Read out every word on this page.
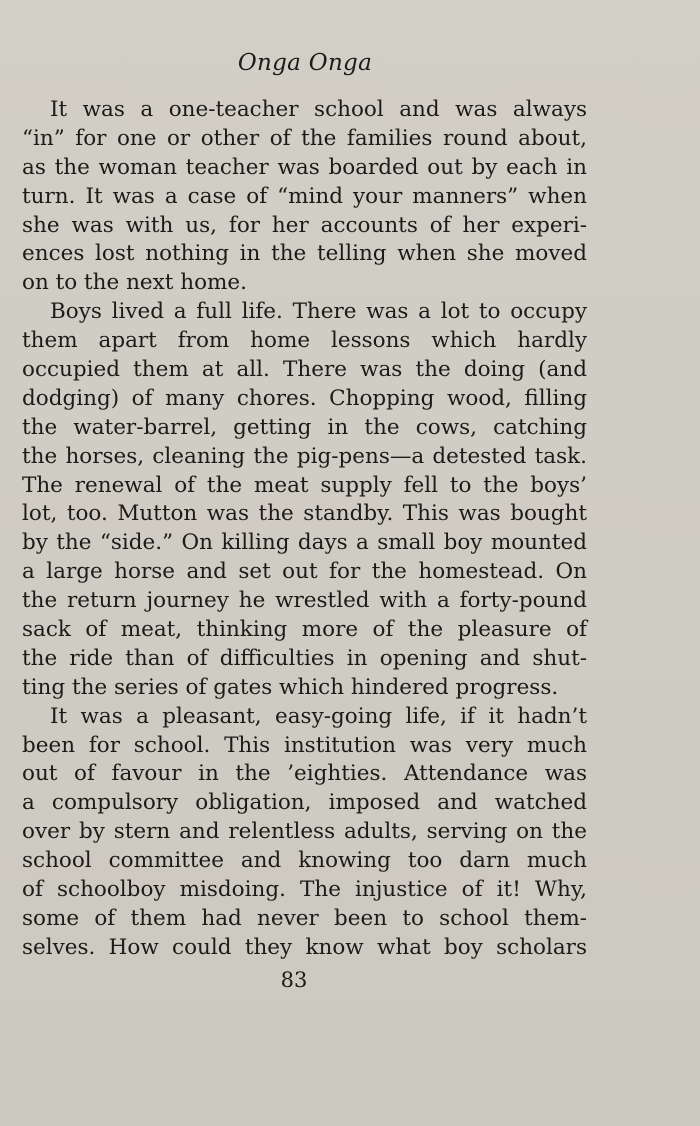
Onga Onga
It was a one-teacher school and was always
“in” for one or other of the families round about,
as the woman teacher was boarded out by each in
turn. It was a case of “mind your manners” when
she was with us, for her accounts of her experi-
ences lost nothing in the telling when she moved
on to the next home.
Boys lived a full life. There was a lot to occupy
them apart from home lessons which hardly
occupied them at all. There was the doing (and
dodging) of many chores. Chopping wood, filling
the water-barrel, getting in the cows, catching
the horses, cleaning the pig-pens—a detested task.
The renewal of the meat supply fell to the boys’
lot, too. Mutton was the standby. This was bought
by the “side.” On killing days a small boy mounted
a large horse and set out for the homestead. On
the return journey he wrestled with a forty-pound
sack of meat, thinking more of the pleasure of
the ride than of difficulties in opening and shut-
ting the series of gates which hindered progress.
It was a pleasant, easy-going life, if it hadn’t
been for school. This institution was very much
out of favour in the ’eighties. Attendance was
a compulsory obligation, imposed and watched
over by stern and relentless adults, serving on the
school committee and knowing too darn much
of schoolboy misdoing. The injustice of it! Why,
some of them had never been to school them-
selves. How could they know what boy scholars
83
